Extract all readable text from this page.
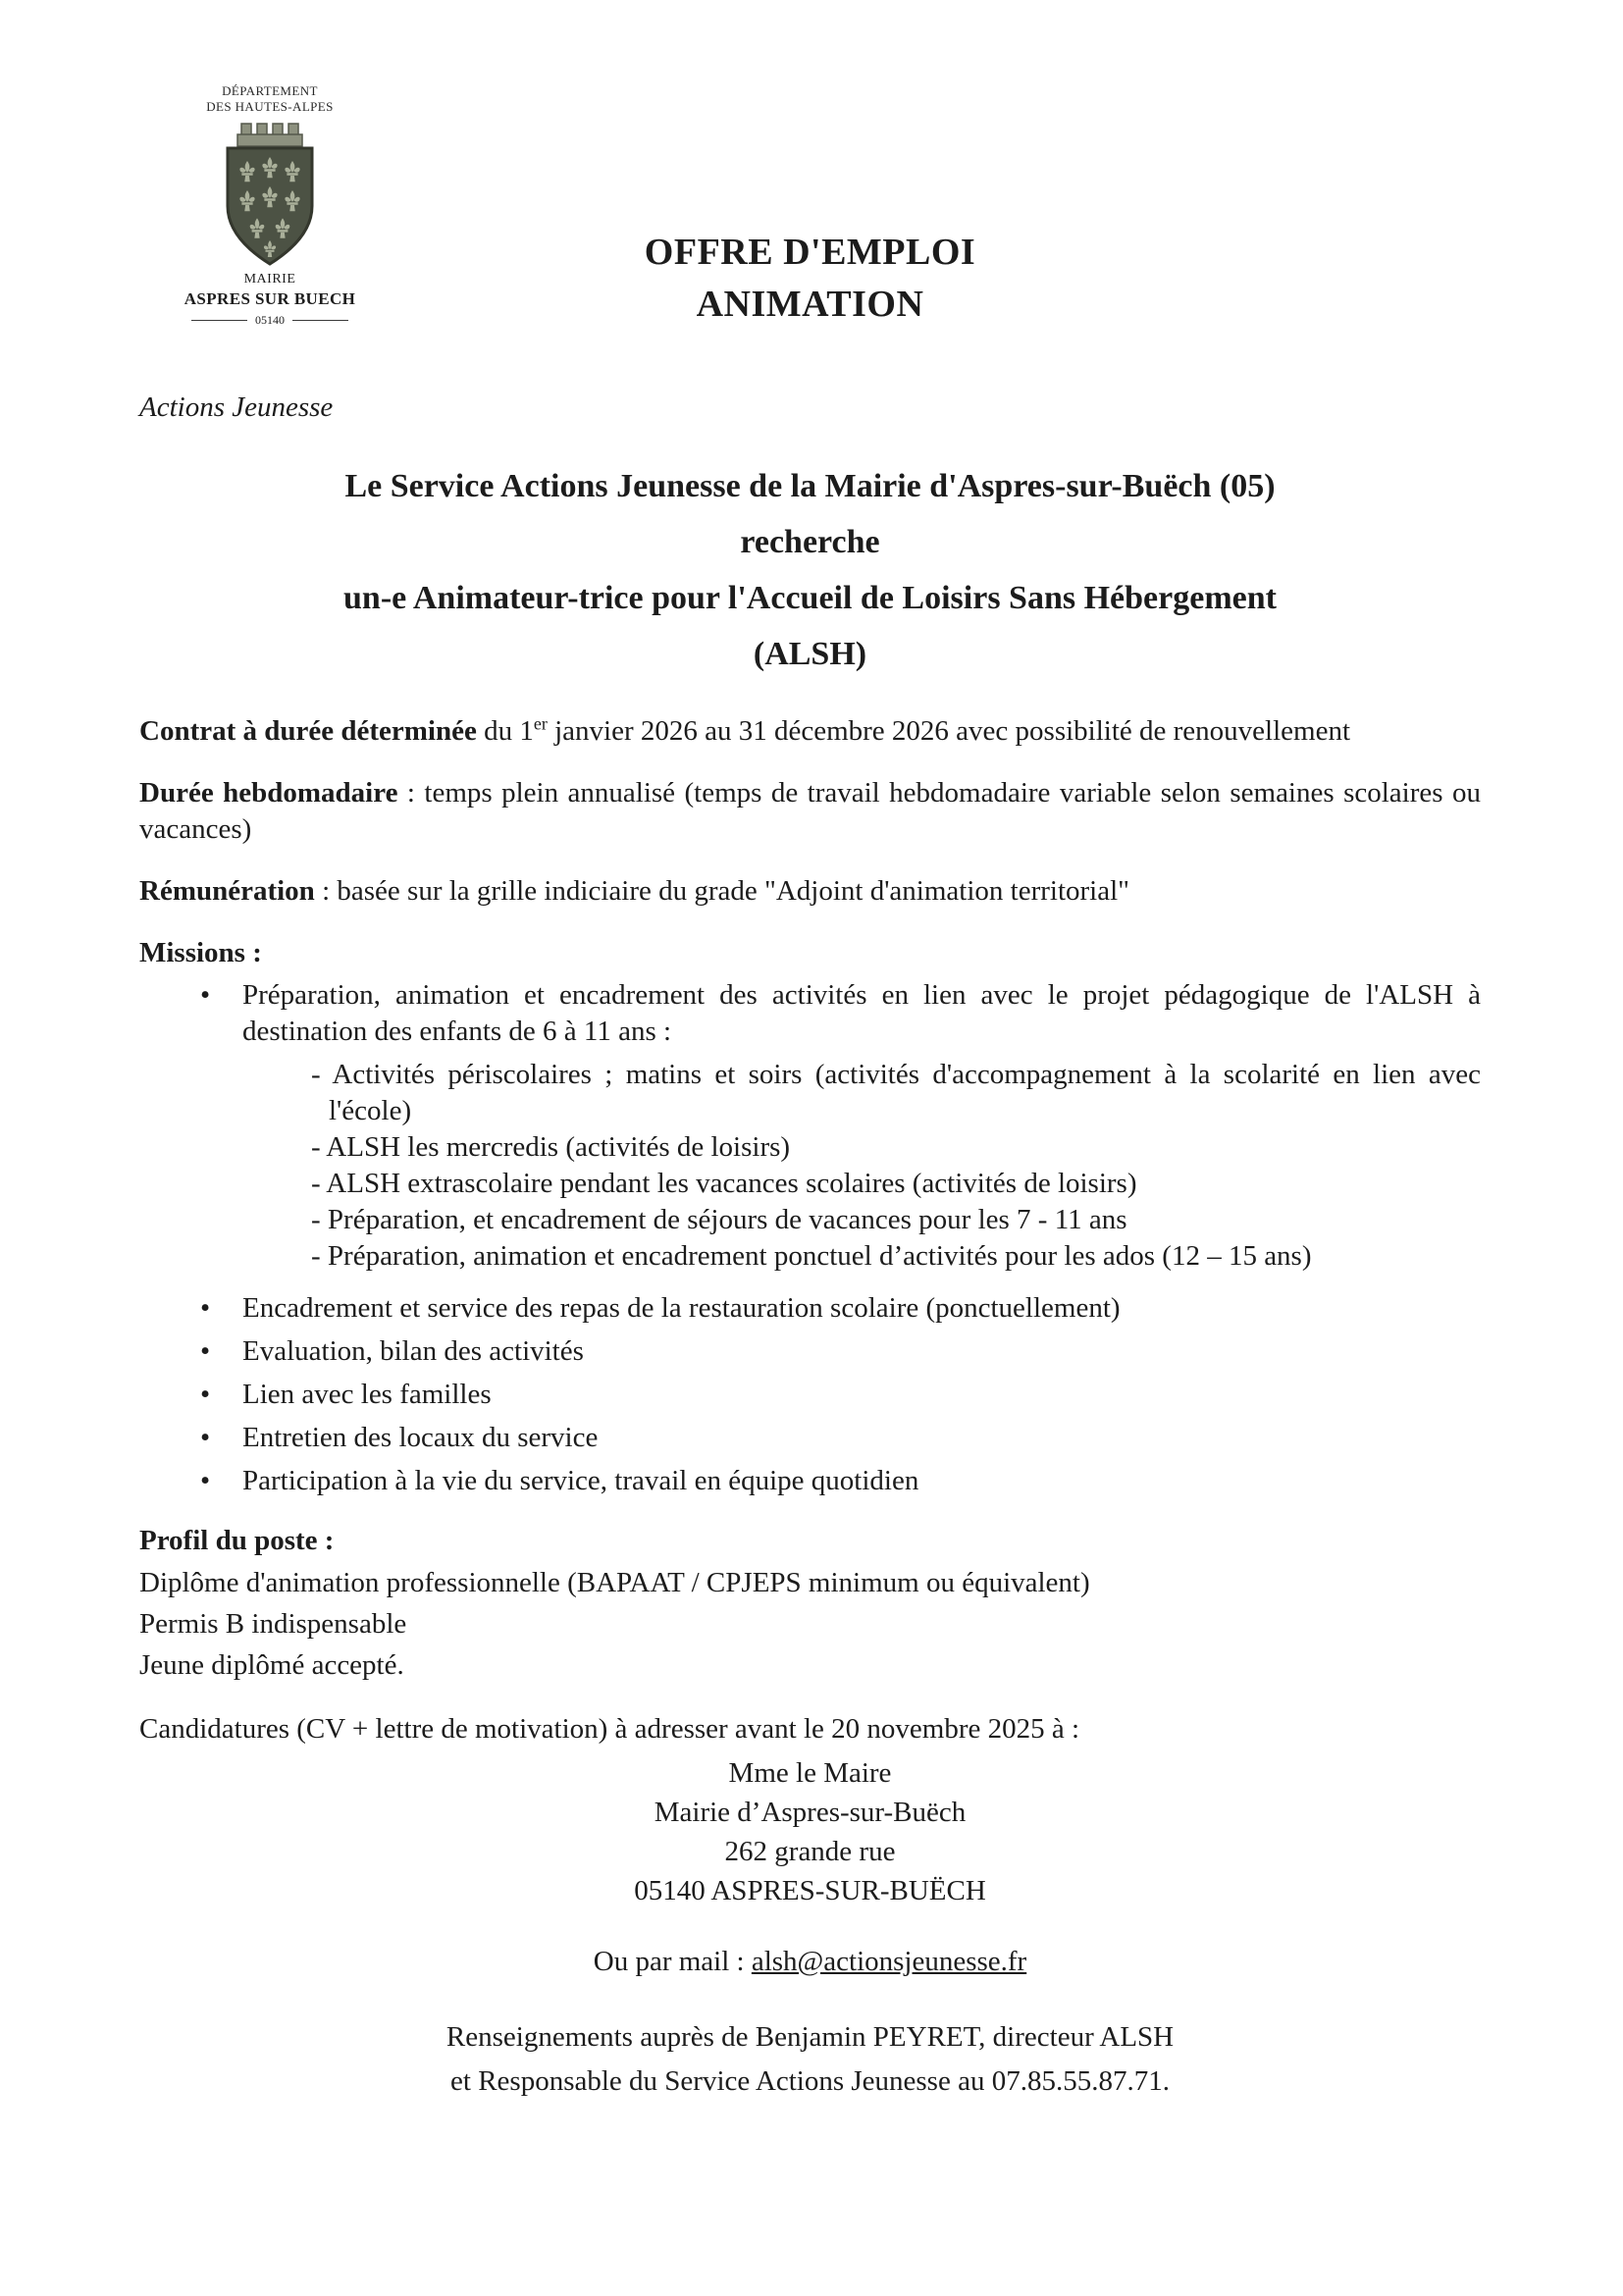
DÉPARTEMENT
DES HAUTES-ALPES
MAIRIE
ASPRES SUR BUECH
05140
OFFRE D'EMPLOI
ANIMATION
Actions Jeunesse
Le Service Actions Jeunesse de la Mairie d'Aspres-sur-Buëch (05)
recherche
un-e Animateur-trice pour l'Accueil de Loisirs Sans Hébergement
(ALSH)

Contrat à durée déterminée du 1er janvier 2026 au 31 décembre 2026 avec possibilité de renouvellement

Durée hebdomadaire : temps plein annualisé (temps de travail hebdomadaire variable selon semaines scolaires ou vacances)

Rémunération : basée sur la grille indiciaire du grade "Adjoint d'animation territorial"

Missions :
• Préparation, animation et encadrement des activités en lien avec le projet pédagogique de l'ALSH à destination des enfants de 6 à 11 ans :
- Activités périscolaires ; matins et soirs (activités d'accompagnement à la scolarité en lien avec l'école)
- ALSH les mercredis (activités de loisirs)
- ALSH extrascolaire pendant les vacances scolaires (activités de loisirs)
- Préparation, et encadrement de séjours de vacances pour les 7 - 11 ans
- Préparation, animation et encadrement ponctuel d’activités pour les ados (12 – 15 ans)
• Encadrement et service des repas de la restauration scolaire (ponctuellement)
• Evaluation, bilan des activités
• Lien avec les familles
• Entretien des locaux du service
• Participation à la vie du service, travail en équipe quotidien
Profil du poste :
Diplôme d'animation professionnelle (BAPAAT / CPJEPS minimum ou équivalent)
Permis B indispensable
Jeune diplômé accepté.
Candidatures (CV + lettre de motivation) à adresser avant le 20 novembre 2025 à :
Mme le Maire
Mairie d’Aspres-sur-Buëch
262 grande rue
05140 ASPRES-SUR-BUËCH
Ou par mail : alsh@actionsjeunesse.fr
Renseignements auprès de Benjamin PEYRET, directeur ALSH
et Responsable du Service Actions Jeunesse au 07.85.55.87.71.
